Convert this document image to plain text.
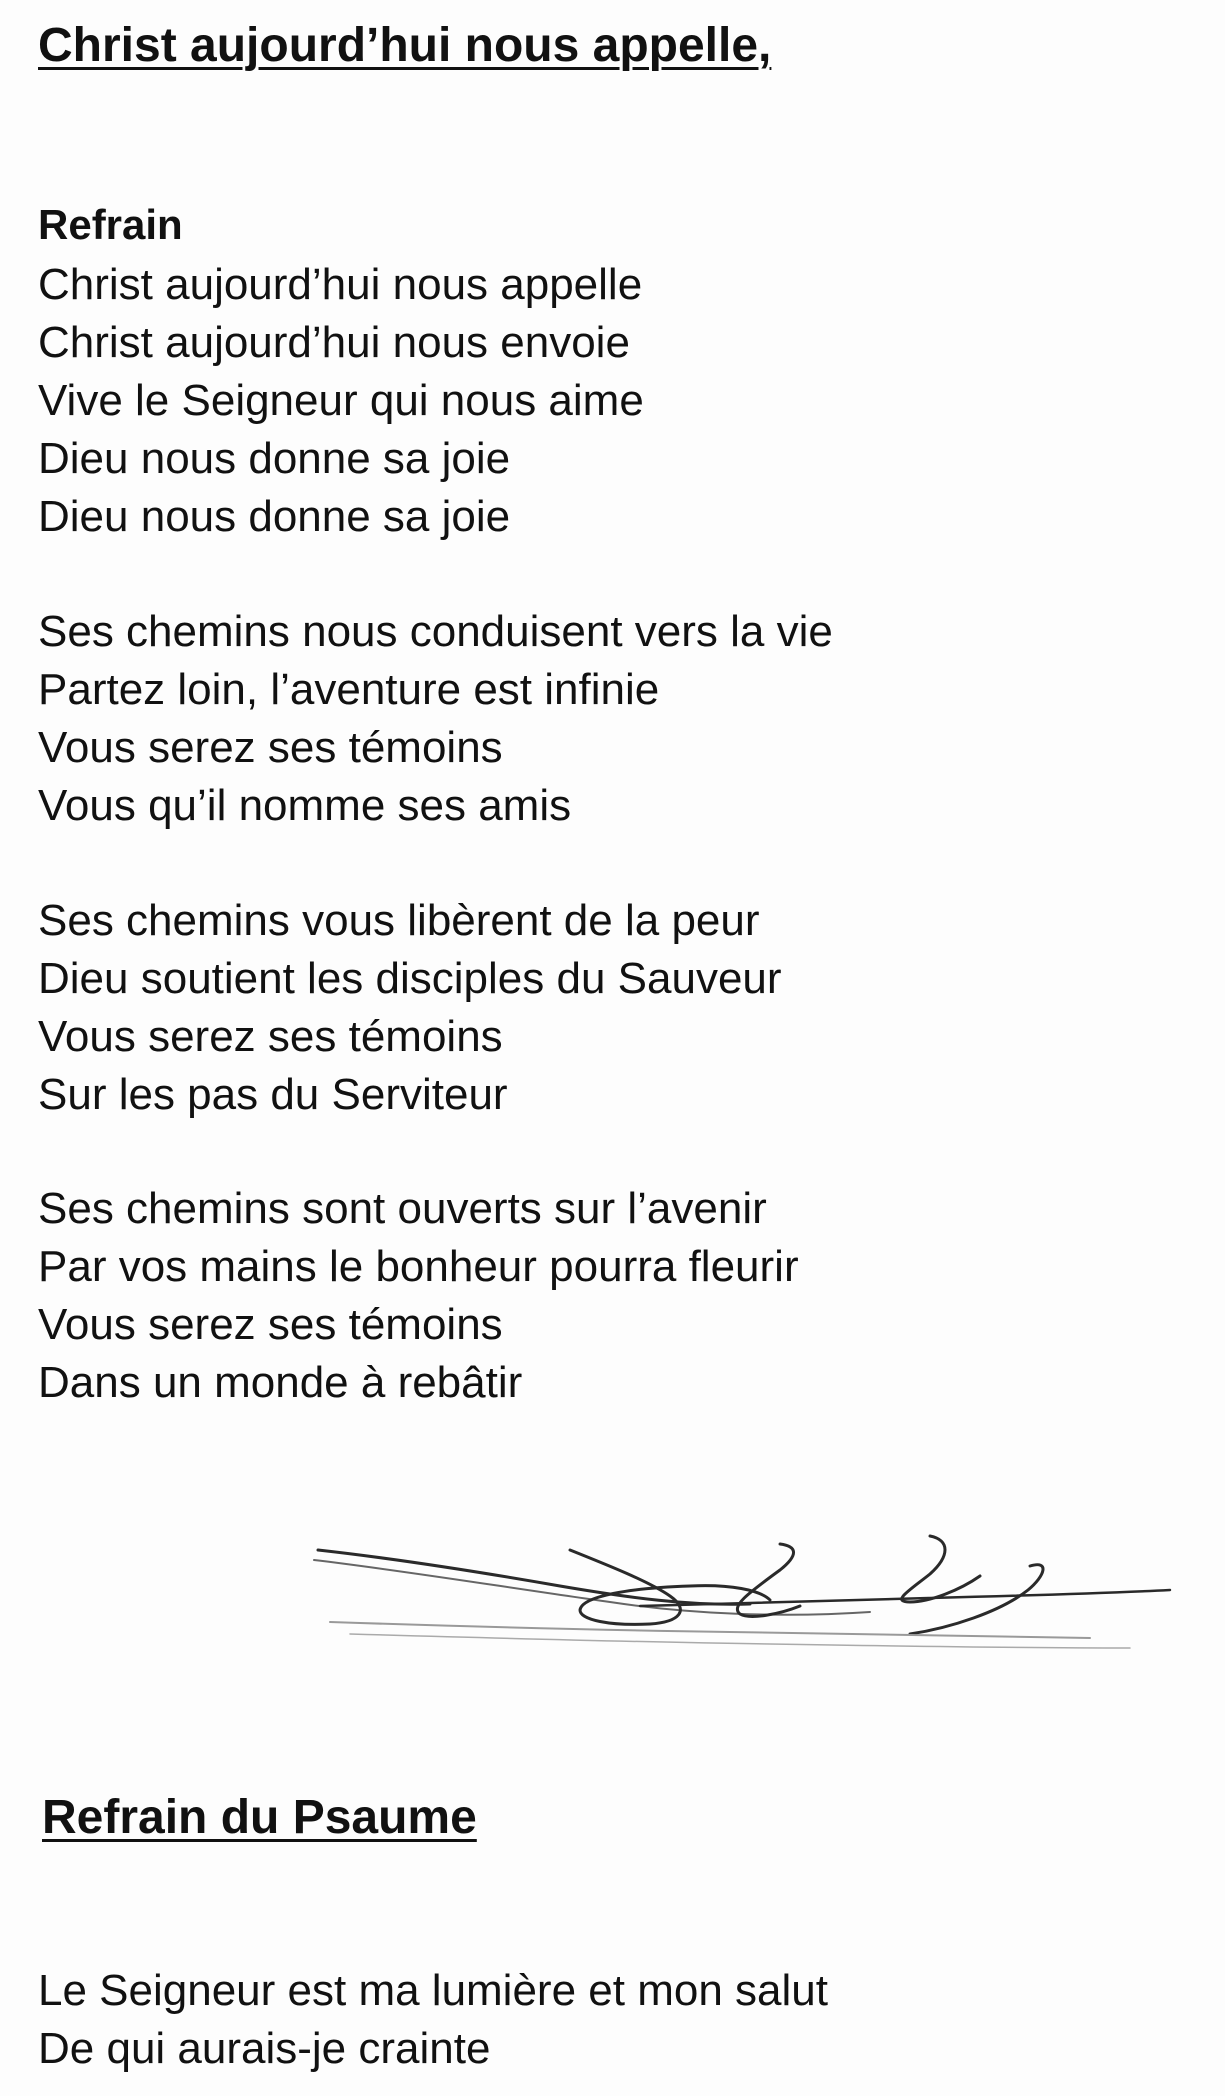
Christ aujourd’hui nous appelle,

Refrain

Christ aujourd’hui nous appelle
Christ aujourd’hui nous envoie
Vive le Seigneur qui nous aime
Dieu nous donne sa joie
Dieu nous donne sa joie
Ses chemins nous conduisent vers la vie
Partez loin, l’aventure est infinie
Vous serez ses témoins
Vous qu’il nomme ses amis
Ses chemins vous libèrent de la peur
Dieu soutient les disciples du Sauveur
Vous serez ses témoins
Sur les pas du Serviteur
Ses chemins sont ouverts sur l’avenir
Par vos mains le bonheur pourra fleurir
Vous serez ses témoins
Dans un monde à rebâtir
Refrain du Psaume
Le Seigneur est ma lumière et mon salut
De qui aurais-je crainte
